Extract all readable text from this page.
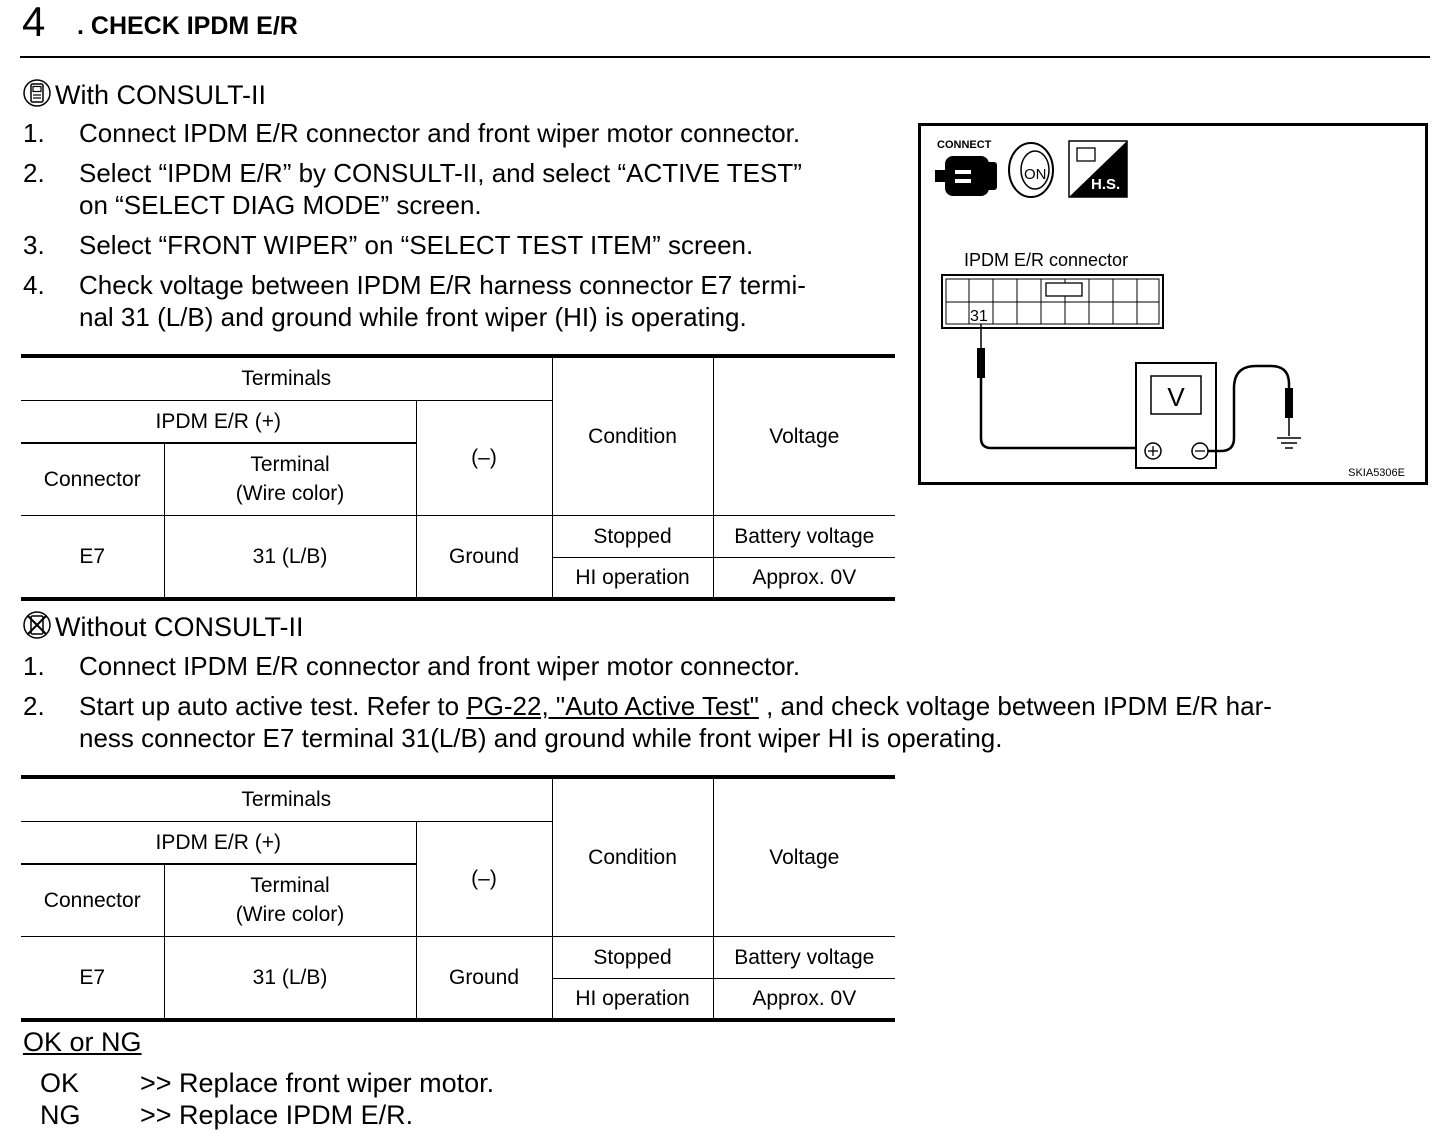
4 . CHECK IPDM E/R
With CONSULT-II
1. Connect IPDM E/R connector and front wiper motor connector.
2. Select “IPDM E/R” by CONSULT-II, and select “ACTIVE TEST”
on “SELECT DIAG MODE” screen.
3. Select “FRONT WIPER” on “SELECT TEST ITEM” screen.
4. Check voltage between IPDM E/R harness connector E7 termi-
nal 31 (L/B) and ground while front wiper (HI) is operating.
Terminals			Condition	Voltage
IPDM E/R (+)		(–)		
Connector	Terminal
(Wire color)			
E7	31 (L/B)	Ground	Stopped	Battery voltage
			HI operation	Approx. 0V
CONNECT
ON
H.S.
IPDM E/R connector
31
V
SKIA5306E
Without CONSULT-II
1. Connect IPDM E/R connector and front wiper motor connector.
2. Start up auto active test. Refer to PG-22, "Auto Active Test" , and check voltage between IPDM E/R har-
ness connector E7 terminal 31(L/B) and ground while front wiper HI is operating.
Terminals			Condition	Voltage
IPDM E/R (+)		(–)		
Connector	Terminal
(Wire color)			
E7	31 (L/B)	Ground	Stopped	Battery voltage
			HI operation	Approx. 0V
OK or NG
OK >> Replace front wiper motor.
NG >> Replace IPDM E/R.
